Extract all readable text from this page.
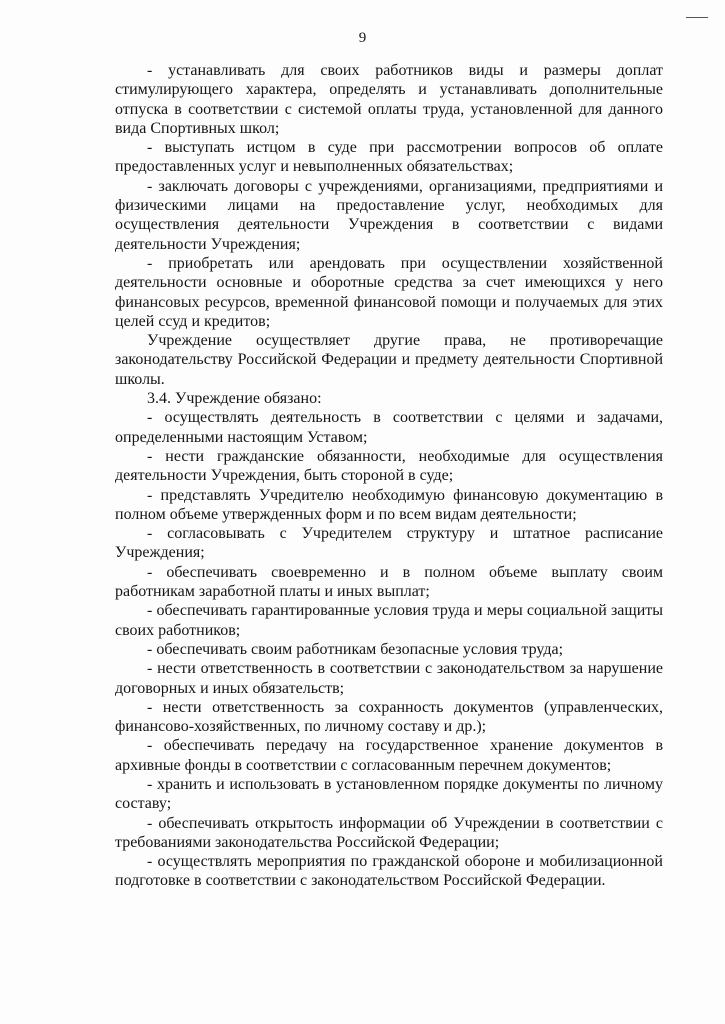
9

- устанавливать для своих работников виды и размеры доплат стимулирующего характера, определять и устанавливать дополнительные отпуска в соответствии с системой оплаты труда, установленной для данного вида Спортивных школ;

- выступать истцом в суде при рассмотрении вопросов об оплате предоставленных услуг и невыполненных обязательствах;

- заключать договоры с учреждениями, организациями, предприятиями и физическими лицами на предоставление услуг, необходимых для осуществления деятельности Учреждения в соответствии с видами деятельности Учреждения;

- приобретать или арендовать при осуществлении хозяйственной деятельности основные и оборотные средства за счет имеющихся у него финансовых ресурсов, временной финансовой помощи и получаемых для этих целей ссуд и кредитов;

Учреждение осуществляет другие права, не противоречащие законодательству Российской Федерации и предмету деятельности Спортивной школы.

3.4. Учреждение обязано:

- осуществлять деятельность в соответствии с целями и задачами, определенными настоящим Уставом;

- нести гражданские обязанности, необходимые для осуществления деятельности Учреждения, быть стороной в суде;

- представлять Учредителю необходимую финансовую документацию в полном объеме утвержденных форм и по всем видам деятельности;

- согласовывать с Учредителем структуру и штатное расписание Учреждения;

- обеспечивать своевременно и в полном объеме выплату своим работникам заработной платы и иных выплат;

- обеспечивать гарантированные условия труда и меры социальной защиты своих работников;

- обеспечивать своим работникам безопасные условия труда;

- нести ответственность в соответствии с законодательством за нарушение договорных и иных обязательств;

- нести ответственность за сохранность документов (управленческих, финансово-хозяйственных, по личному составу и др.);

- обеспечивать передачу на государственное хранение документов в архивные фонды в соответствии с согласованным перечнем документов;

- хранить и использовать в установленном порядке документы по личному составу;

- обеспечивать открытость информации об Учреждении в соответствии с требованиями законодательства Российской Федерации;

- осуществлять мероприятия по гражданской обороне и мобилизационной подготовке в соответствии с законодательством Российской Федерации.
